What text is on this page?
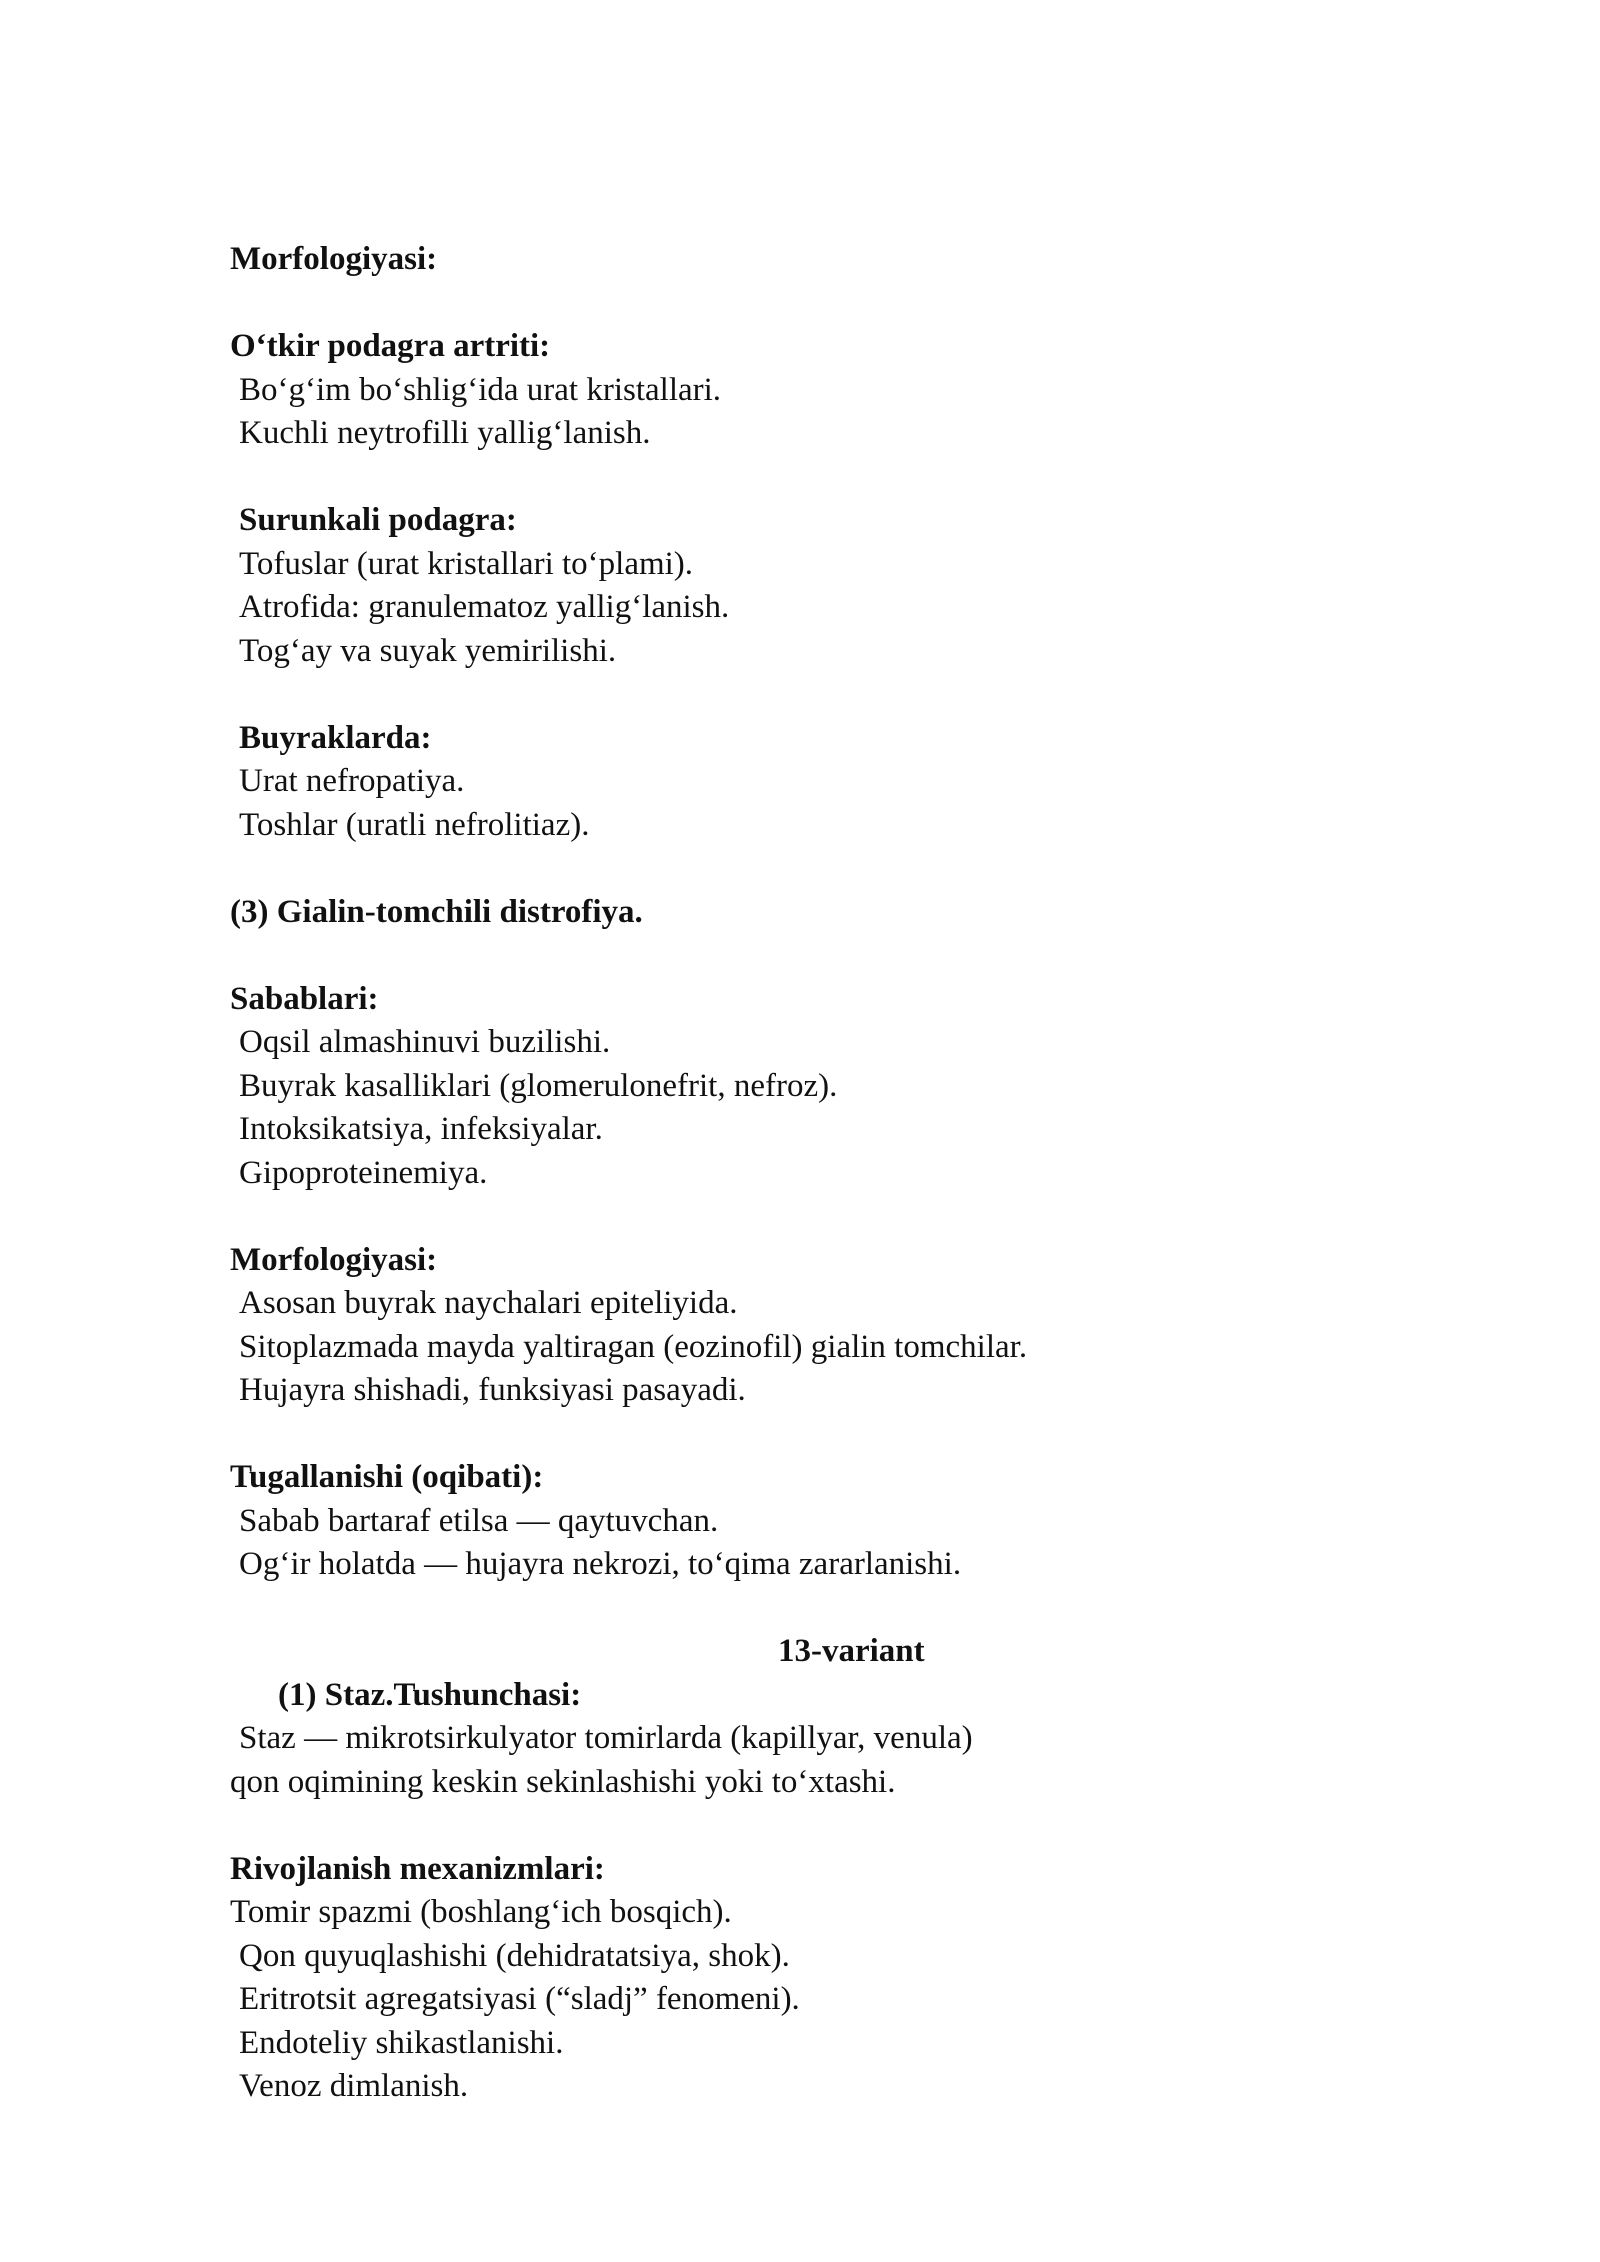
Morfologiyasi:
O‘tkir podagra artriti:
Bo‘g‘im bo‘shlig‘ida urat kristallari.
Kuchli neytrofilli yallig‘lanish.
Surunkali podagra:
Tofuslar (urat kristallari to‘plami).
Atrofida: granulematoz yallig‘lanish.
Tog‘ay va suyak yemirilishi.
Buyraklarda:
Urat nefropatiya.
Toshlar (uratli nefrolitiaz).
(3) Gialin-tomchili distrofiya.
Sabablari:
Oqsil almashinuvi buzilishi.
Buyrak kasalliklari (glomerulonefrit, nefroz).
Intoksikatsiya, infeksiyalar.
Gipoproteinemiya.
Morfologiyasi:
Asosan buyrak naychalari epiteliyida.
Sitoplazmada mayda yaltiragan (eozinofil) gialin tomchilar.
Hujayra shishadi, funksiyasi pasayadi.
Tugallanishi (oqibati):
Sabab bartaraf etilsa — qaytuvchan.
Og‘ir holatda — hujayra nekrozi, to‘qima zararlanishi.
13-variant
(1) Staz.Tushunchasi:
Staz — mikrotsirkulyator tomirlarda (kapillyar, venula)
qon oqimining keskin sekinlashishi yoki to‘xtashi.
Rivojlanish mexanizmlari:
Tomir spazmi (boshlang‘ich bosqich).
Qon quyuqlashishi (dehidratatsiya, shok).
Eritrotsit agregatsiyasi (“sladj” fenomeni).
Endoteliy shikastlanishi.
Venoz dimlanish.
